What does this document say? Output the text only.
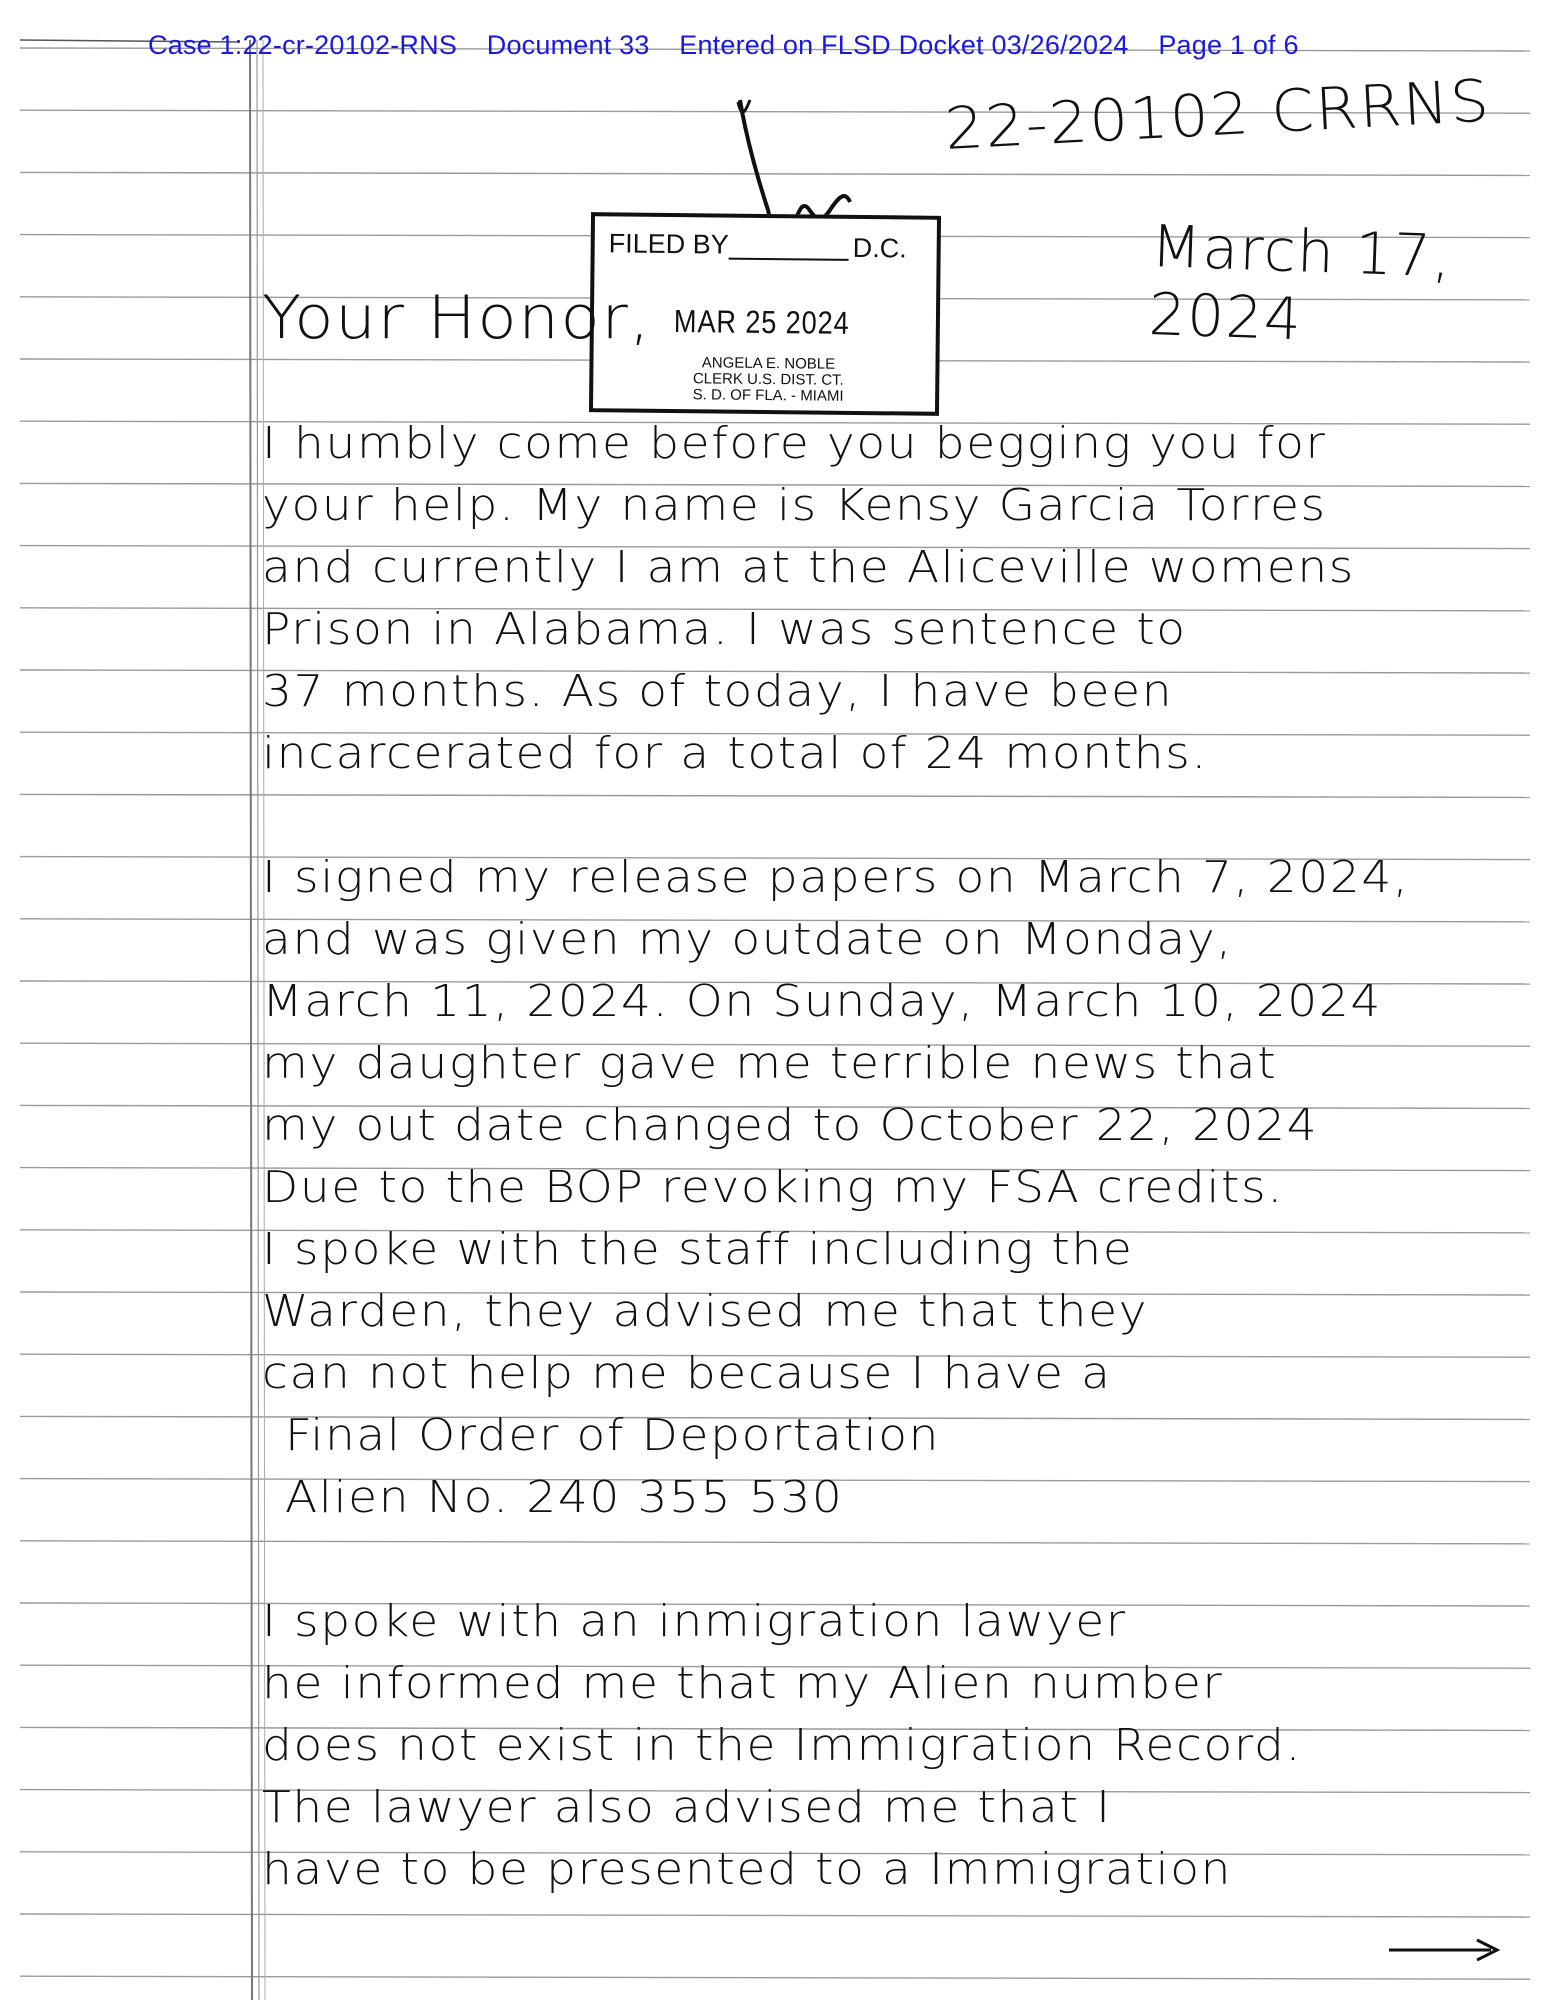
Case 1:22-cr-20102-RNS Document 33 Entered on FLSD Docket 03/26/2024 Page 1 of 6
22-20102 CRRNS
March 17, 2024
FILED BY	D.C.
MAR 25 2024
ANGELA E. NOBLE
CLERK U.S. DIST. CT.
S. D. OF FLA. - MIAMI
Your Honor,
I humbly come before you begging you for
your help. My name is Kensy Garcia Torres
and currently I am at the Aliceville womens
Prison in Alabama. I was sentence to
37 months. As of today, I have been
incarcerated for a total of 24 months.
I signed my release papers on March 7, 2024,
and was given my outdate on Monday,
March 11, 2024. On Sunday, March 10, 2024
my daughter gave me terrible news that
my out date changed to October 22, 2024
Due to the BOP revoking my FSA credits.
I spoke with the staff including the
Warden, they advised me that they
can not help me because I have a
Final Order of Deportation
Alien No. 240 355 530
I spoke with an inmigration lawyer
he informed me that my Alien number
does not exist in the Immigration Record.
The lawyer also advised me that I
have to be presented to a Immigration
